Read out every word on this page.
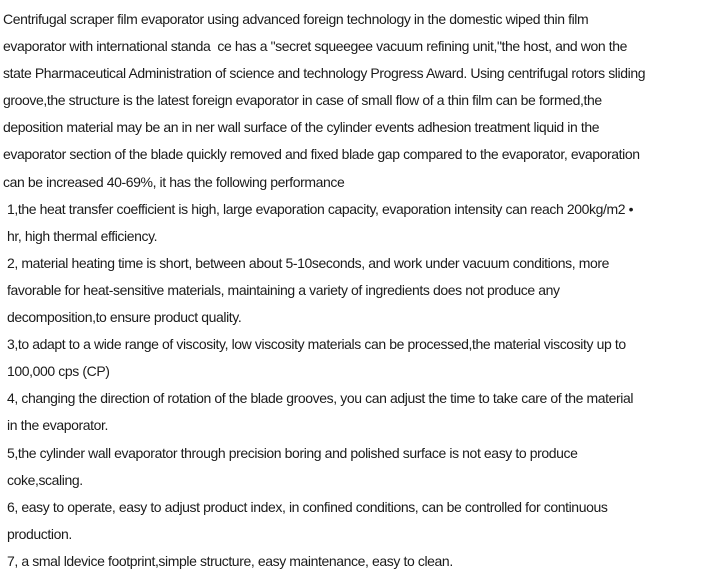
Centrifugal scraper film evaporator using advanced foreign technology in the domestic wiped thin film
evaporator with international standa  ce has a "secret squeegee vacuum refining unit,"the host, and won the
state Pharmaceutical Administration of science and technology Progress Award. Using centrifugal rotors sliding
groove,the structure is the latest foreign evaporator in case of small flow of a thin film can be formed,the
deposition material may be an in ner wall surface of the cylinder events adhesion treatment liquid in the
evaporator section of the blade quickly removed and fixed blade gap compared to the evaporator, evaporation
can be increased 40-69%, it has the following performance
1,the heat transfer coefficient is high, large evaporation capacity, evaporation intensity can reach 200kg/m2 •
hr, high thermal efficiency.
2, material heating time is short, between about 5-10seconds, and work under vacuum conditions, more
favorable for heat-sensitive materials, maintaining a variety of ingredients does not produce any
decomposition,to ensure product quality.
3,to adapt to a wide range of viscosity, low viscosity materials can be processed,the material viscosity up to
100,000 cps (CP)
4, changing the direction of rotation of the blade grooves, you can adjust the time to take care of the material
in the evaporator.
5,the cylinder wall evaporator through precision boring and polished surface is not easy to produce
coke,scaling.
6, easy to operate, easy to adjust product index, in confined conditions, can be controlled for continuous
production.
7, a smal ldevice footprint,simple structure, easy maintenance, easy to clean.
